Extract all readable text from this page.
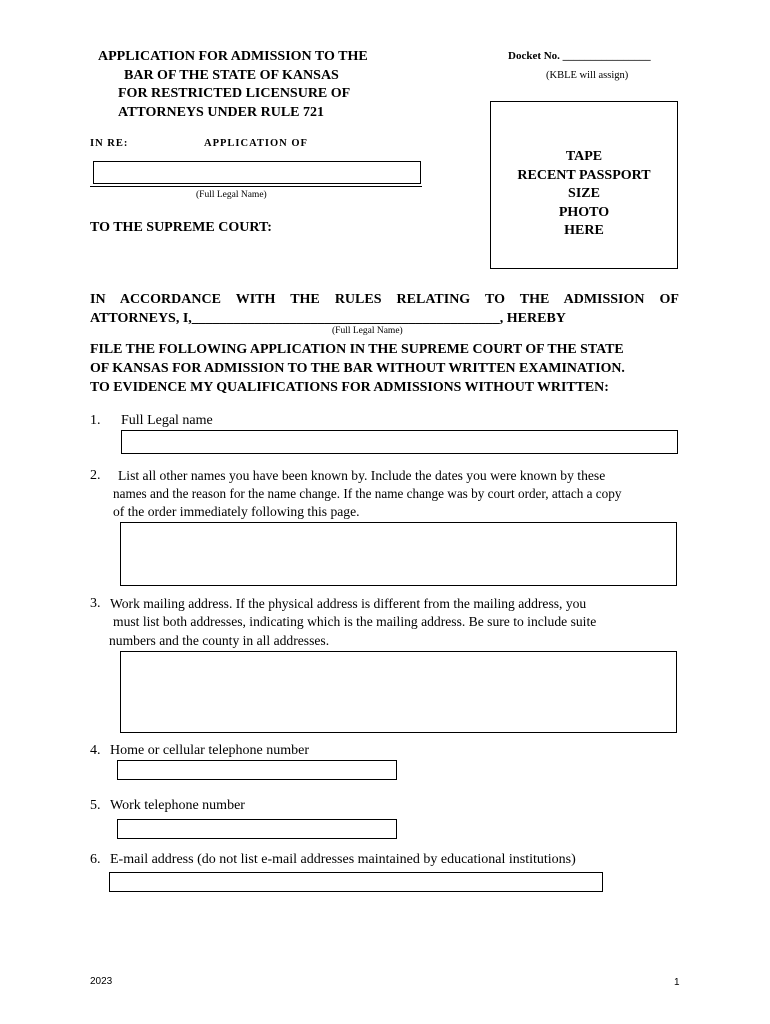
APPLICATION FOR ADMISSION TO THE
BAR OF THE STATE OF KANSAS
FOR RESTRICTED LICENSURE OF
ATTORNEYS UNDER RULE 721
Docket No. ________________
(KBLE will assign)
TAPE
RECENT PASSPORT
SIZE
PHOTO
HERE
IN RE:	APPLICATION OF
(Full Legal Name)
TO THE SUPREME COURT:
IN ACCORDANCE WITH THE RULES RELATING TO THE ADMISSION OF
ATTORNEYS, I,____________________________________________, HEREBY
(Full Legal Name)
FILE THE FOLLOWING APPLICATION IN THE SUPREME COURT OF THE STATE
OF KANSAS FOR ADMISSION TO THE BAR WITHOUT WRITTEN EXAMINATION.
TO EVIDENCE MY QUALIFICATIONS FOR ADMISSIONS WITHOUT WRITTEN:
1. Full Legal name
2. List all other names you have been known by. Include the dates you were known by these
names and the reason for the name change. If the name change was by court order, attach a copy
of the order immediately following this page.
3. Work mailing address. If the physical address is different from the mailing address, you
must list both addresses, indicating which is the mailing address. Be sure to include suite
numbers and the county in all addresses.
4. Home or cellular telephone number
5. Work telephone number
6. E-mail address (do not list e-mail addresses maintained by educational institutions)
2023	1
